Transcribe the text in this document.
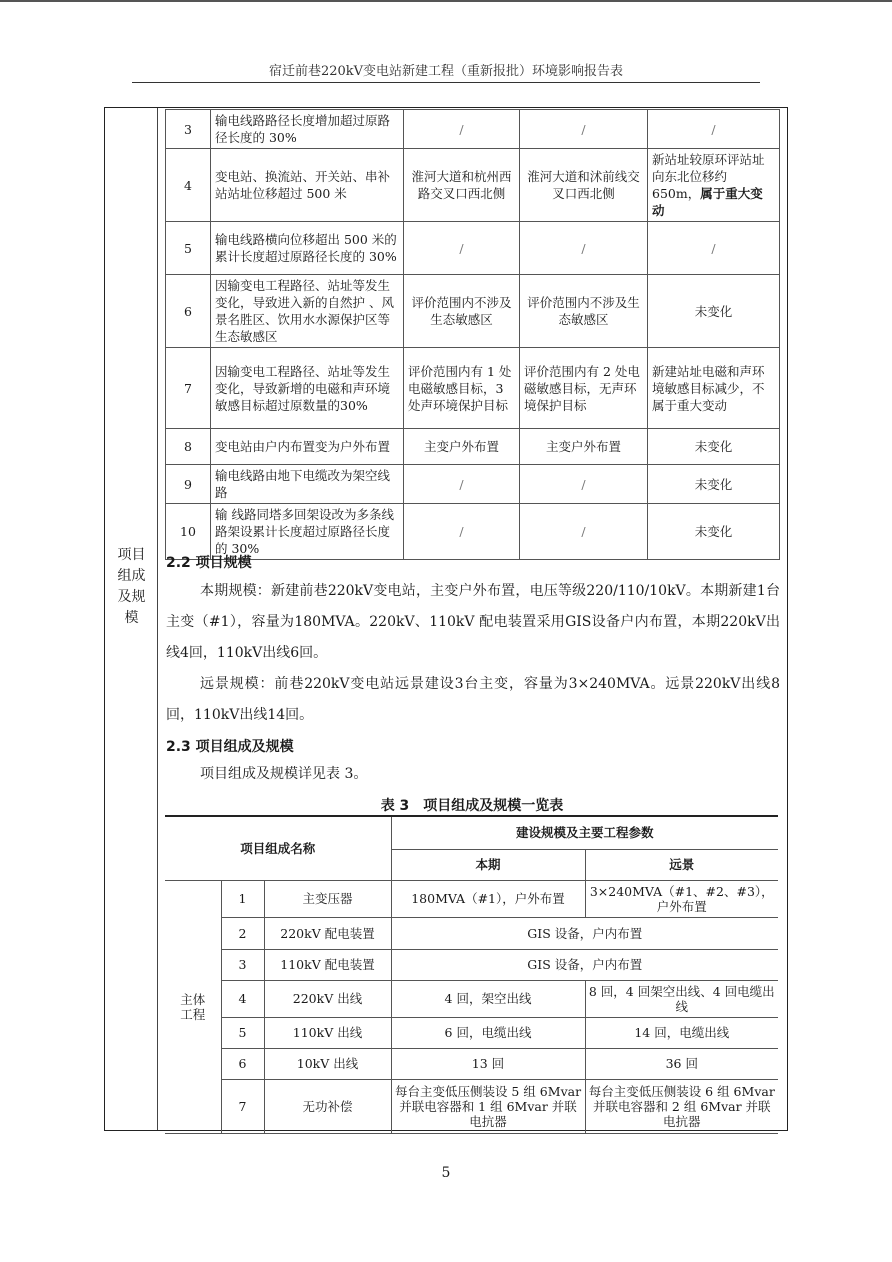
宿迁前巷220kV变电站新建工程（重新报批）环境影响报告表
项目
组成
及规
模
3	输电线路路径长度增加超过原路径长度的 30%	/	/	/
4	变电站、换流站、开关站、串补站站址位移超过 500 米	淮河大道和杭州西路交叉口西北侧	淮河大道和沭前线交叉口西北侧	新站址较原环评站址向东北位移约650m，属于重大变动
5	输电线路横向位移超出 500 米的累计长度超过原路径长度的 30%	/	/	/
6	因输变电工程路径、站址等发生变化，导致进入新的自然护 、风景名胜区、饮用水水源保护区等生态敏感区	评价范围内不涉及生态敏感区	评价范围内不涉及生态敏感区	未变化
7	因输变电工程路径、站址等发生变化，导致新增的电磁和声环境敏感目标超过原数量的30%	评价范围内有 1 处电磁敏感目标，3 处声环境保护目标	评价范围内有 2 处电磁敏感目标，无声环境保护目标	新建站址电磁和声环境敏感目标减少，不属于重大变动
8	变电站由户内布置变为户外布置	主变户外布置	主变户外布置	未变化
9	输电线路由地下电缆改为架空线路	/	/	未变化
10	输 线路同塔多回架设改为多条线路架设累计长度超过原路径长度的 30%	/	/	未变化
2.2 项目规模
本期规模：新建前巷220kV变电站，主变户外布置，电压等级220/110/10kV。本期新建1台主变（#1），容量为180MVA。220kV、110kV 配电装置采用GIS设备户内布置，本期220kV出线4回，110kV出线6回。
远景规模：前巷220kV变电站远景建设3台主变，容量为3×240MVA。远景220kV出线8回，110kV出线14回。
2.3 项目组成及规模
项目组成及规模详见表 3。
表 3　项目组成及规模一览表
项目组成名称			建设规模及主要工程参数	
			本期	远景

主体
工程	1	主变压器	180MVA（#1），户外布置	3×240MVA（#1、#2、#3），户外布置
	2	220kV 配电装置	GIS 设备，户内布置	
	3	110kV 配电装置	GIS 设备，户内布置	
	4	220kV 出线	4 回，架空出线	8 回，4 回架空出线、4 回电缆出线
	5	110kV 出线	6 回，电缆出线	14 回，电缆出线
	6	10kV 出线	13 回	36 回
	7	无功补偿	每台主变低压侧装设 5 组 6Mvar 并联电容器和 1 组 6Mvar 并联电抗器	每台主变低压侧装设 6 组 6Mvar 并联电容器和 2 组 6Mvar 并联电抗器
5
